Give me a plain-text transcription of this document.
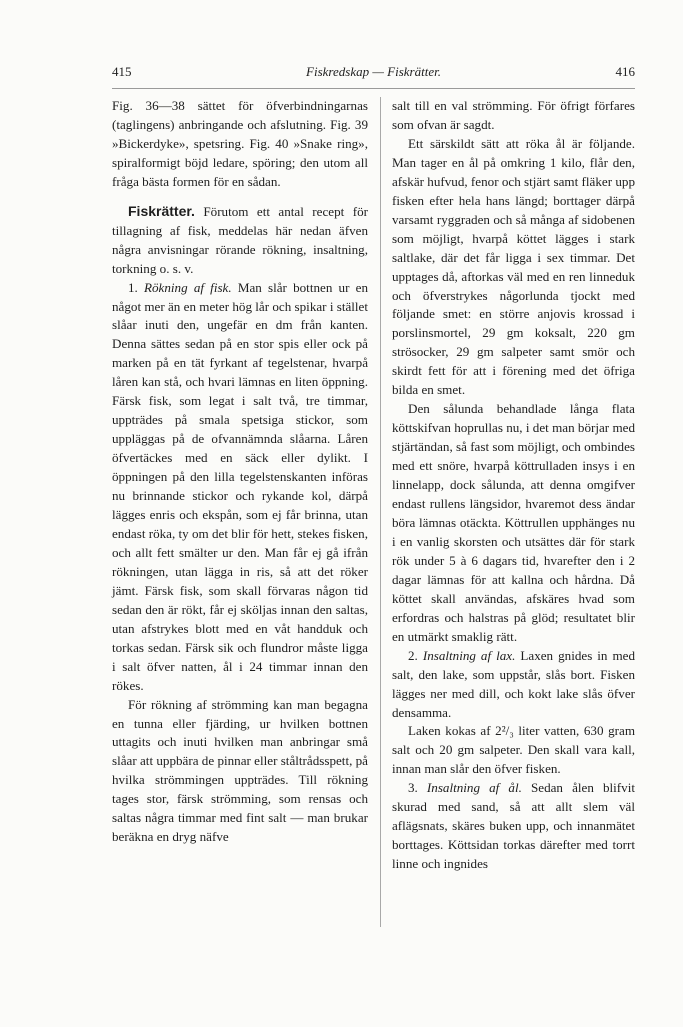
415	Fiskredskap — Fiskrätter.	416

Fig. 36—38 sättet för öfverbindningarnas (taglingens) anbringande och afslutning. Fig. 39 »Bickerdyke», spetsring. Fig. 40 »Snake ring», spiralformigt böjd ledare, spöring; den utom all fråga bästa formen för en sådan.

Fiskrätter. Förutom ett antal recept för tillagning af fisk, meddelas här nedan äfven några anvisningar rörande rökning, insaltning, torkning o. s. v.

1. Rökning af fisk. Man slår bottnen ur en något mer än en meter hög lår och spikar i stället slåar inuti den, ungefär en dm från kanten. Denna sättes sedan på en stor spis eller ock på marken på en tät fyrkant af tegelstenar, hvarpå låren kan stå, och hvari lämnas en liten öppning. Färsk fisk, som legat i salt två, tre timmar, uppträdes på smala spetsiga stickor, som uppläggas på de ofvannämnda slåarna. Låren öfvertäckes med en säck eller dylikt. I öppningen på den lilla tegelstenskanten införas nu brinnande stickor och rykande kol, därpå lägges enris och ekspån, som ej får brinna, utan endast röka, ty om det blir för hett, stekes fisken, och allt fett smälter ur den. Man får ej gå ifrån rökningen, utan lägga in ris, så att det röker jämt. Färsk fisk, som skall förvaras någon tid sedan den är rökt, får ej sköljas innan den saltas, utan afstrykes blott med en våt handduk och torkas sedan. Färsk sik och flundror måste ligga i salt öfver natten, ål i 24 timmar innan den rökes.

För rökning af strömming kan man begagna en tunna eller fjärding, ur hvilken bottnen uttagits och inuti hvilken man anbringar små slåar att uppbära de pinnar eller ståltrådsspett, på hvilka strömmingen uppträdes. Till rökning tages stor, färsk strömming, som rensas och saltas några timmar med fint salt — man brukar beräkna en dryg näfve

salt till en val strömming. För öfrigt förfares som ofvan är sagdt.

Ett särskildt sätt att röka ål är följande. Man tager en ål på omkring 1 kilo, flår den, afskär hufvud, fenor och stjärt samt fläker upp fisken efter hela hans längd; borttager därpå varsamt ryggraden och så många af sidobenen som möjligt, hvarpå köttet lägges i stark saltlake, där det får ligga i sex timmar. Det upptages då, aftorkas väl med en ren linneduk och öfverstrykes någorlunda tjockt med följande smet: en större anjovis krossad i porslinsmortel, 29 gm koksalt, 220 gm strösocker, 29 gm salpeter samt smör och skirdt fett för att i förening med det öfriga bilda en smet.

Den sålunda behandlade långa flata köttskifvan hoprullas nu, i det man börjar med stjärtändan, så fast som möjligt, och ombindes med ett snöre, hvarpå köttrulladen insys i en linnelapp, dock sålunda, att denna omgifver endast rullens längsidor, hvaremot dess ändar böra lämnas otäckta. Köttrullen upphänges nu i en vanlig skorsten och utsättes där för stark rök under 5 à 6 dagars tid, hvarefter den i 2 dagar lämnas för att kallna och hårdna. Då köttet skall användas, afskäres hvad som erfordras och halstras på glöd; resultatet blir en utmärkt smaklig rätt.

2. Insaltning af lax. Laxen gnides in med salt, den lake, som uppstår, slås bort. Fisken lägges ner med dill, och kokt lake slås öfver densamma.

Laken kokas af 2²/₃ liter vatten, 630 gram salt och 20 gm salpeter. Den skall vara kall, innan man slår den öfver fisken.

3. Insaltning af ål. Sedan ålen blifvit skurad med sand, så att allt slem väl aflägsnats, skäres buken upp, och innanmätet borttages. Köttsidan torkas därefter med torrt linne och ingnides
